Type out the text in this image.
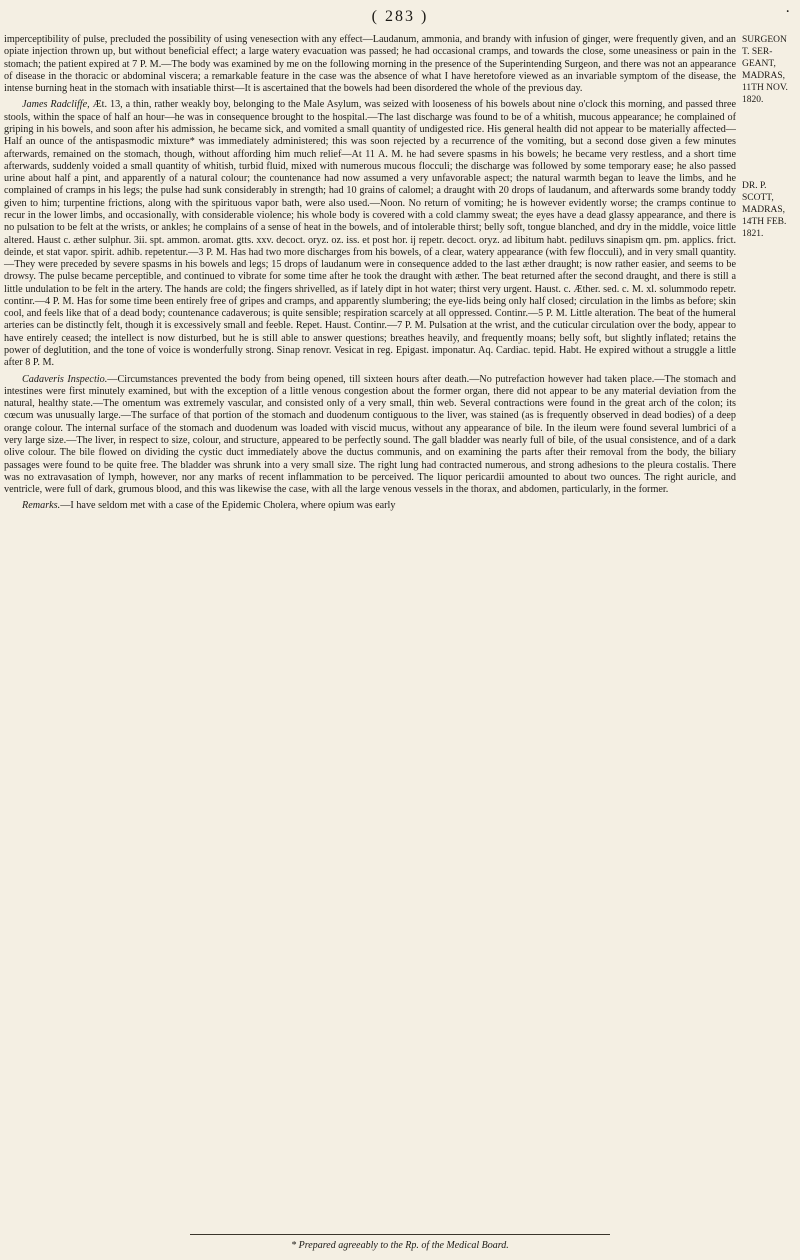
( 283 )	·

imperceptibility of pulse, precluded the possibility of using venesection with any effect—Laudanum, ammonia, and brandy with infusion of ginger, were frequently given, and an opiate injection thrown up, but without beneficial effect; a large watery evacuation was passed; he had occasional cramps, and towards the close, some uneasiness or pain in the stomach; the patient expired at 7 P. M.—The body was examined by me on the following morning in the presence of the Superintending Surgeon, and there was not an appearance of disease in the thoracic or abdominal viscera; a remarkable feature in the case was the absence of what I have heretofore viewed as an invariable symptom of the disease, the intense burning heat in the stomach with insatiable thirst—It is ascertained that the bowels had been disordered the whole of the previous day.

James Radcliffe, Æt. 13, a thin, rather weakly boy, belonging to the Male Asylum, was seized with looseness of his bowels about nine o'clock this morning, and passed three stools, within the space of half an hour—he was in consequence brought to the hospital.—The last discharge was found to be of a whitish, mucous appearance; he complained of griping in his bowels, and soon after his admission, he became sick, and vomited a small quantity of undigested rice. His general health did not appear to be materially affected—Half an ounce of the antispasmodic mixture* was immediately administered; this was soon rejected by a recurrence of the vomiting, but a second dose given a few minutes afterwards, remained on the stomach, though, without affording him much relief—At 11 A. M. he had severe spasms in his bowels; he became very restless, and a short time afterwards, suddenly voided a small quantity of whitish, turbid fluid, mixed with numerous mucous flocculi; the discharge was followed by some temporary ease; he also passed urine about half a pint, and apparently of a natural colour; the countenance had now assumed a very unfavorable aspect; the natural warmth began to leave the limbs, and he complained of cramps in his legs; the pulse had sunk considerably in strength; had 10 grains of calomel; a draught with 20 drops of laudanum, and afterwards some brandy toddy given to him; turpentine frictions, along with the spirituous vapor bath, were also used.—Noon. No return of vomiting; he is however evidently worse; the cramps continue to recur in the lower limbs, and occasionally, with considerable violence; his whole body is covered with a cold clammy sweat; the eyes have a dead glassy appearance, and there is no pulsation to be felt at the wrists, or ankles; he complains of a sense of heat in the bowels, and of intolerable thirst; belly soft, tongue blanched, and dry in the middle, voice little altered. Haust c. æther sulphur. 3ii. spt. ammon. aromat. gtts. xxv. decoct. oryz. oz. iss. et post hor. ij repetr. decoct. oryz. ad libitum habt. pediluvs sinapism qm. pm. applics. frict. deinde, et stat vapor. spirit. adhib. repetentur.—3 P. M. Has had two more discharges from his bowels, of a clear, watery appearance (with few flocculi), and in very small quantity.—They were preceded by severe spasms in his bowels and legs; 15 drops of laudanum were in consequence added to the last æther draught; is now rather easier, and seems to be drowsy. The pulse became perceptible, and continued to vibrate for some time after he took the draught with æther. The beat returned after the second draught, and there is still a little undulation to be felt in the artery. The hands are cold; the fingers shrivelled, as if lately dipt in hot water; thirst very urgent. Haust. c. Æther. sed. c. M. xl. solummodo repetr. continr.—4 P. M. Has for some time been entirely free of gripes and cramps, and apparently slumbering; the eye-lids being only half closed; circulation in the limbs as before; skin cool, and feels like that of a dead body; countenance cadaverous; is quite sensible; respiration scarcely at all oppressed. Continr.—5 P. M. Little alteration. The beat of the humeral arteries can be distinctly felt, though it is excessively small and feeble. Repet. Haust. Continr.—7 P. M. Pulsation at the wrist, and the cuticular circulation over the body, appear to have entirely ceased; the intellect is now disturbed, but he is still able to answer questions; breathes heavily, and frequently moans; belly soft, but slightly inflated; retains the power of deglutition, and the tone of voice is wonderfully strong. Sinap renovr. Vesicat in reg. Epigast. imponatur. Aq. Cardiac. tepid. Habt. He expired without a struggle a little after 8 P. M.

Cadaveris Inspectio.—Circumstances prevented the body from being opened, till sixteen hours after death.—No putrefaction however had taken place.—The stomach and intestines were first minutely examined, but with the exception of a little venous congestion about the former organ, there did not appear to be any material deviation from the natural, healthy state.—The omentum was extremely vascular, and consisted only of a very small, thin web. Several contractions were found in the great arch of the colon; its cœcum was unusually large.—The surface of that portion of the stomach and duodenum contiguous to the liver, was stained (as is frequently observed in dead bodies) of a deep orange colour. The internal surface of the stomach and duodenum was loaded with viscid mucus, without any appearance of bile. In the ileum were found several lumbrici of a very large size.—The liver, in respect to size, colour, and structure, appeared to be perfectly sound. The gall bladder was nearly full of bile, of the usual consistence, and of a dark olive colour. The bile flowed on dividing the cystic duct immediately above the ductus communis, and on examining the parts after their removal from the body, the biliary passages were found to be quite free. The bladder was shrunk into a very small size. The right lung had contracted numerous, and strong adhesions to the pleura costalis. There was no extravasation of lymph, however, nor any marks of recent inflammation to be perceived. The liquor pericardii amounted to about two ounces. The right auricle, and ventricle, were full of dark, grumous blood, and this was likewise the case, with all the large venous vessels in the thorax, and abdomen, particularly, in the former.

Remarks.—I have seldom met with a case of the Epidemic Cholera, where opium was early

SURGEON
T. SER-
GEANT,
MADRAS,
11TH NOV.
1820.
DR. P.
SCOTT,
MADRAS,
14TH FEB.
1821.
* Prepared agreeably to the Rp. of the Medical Board.
